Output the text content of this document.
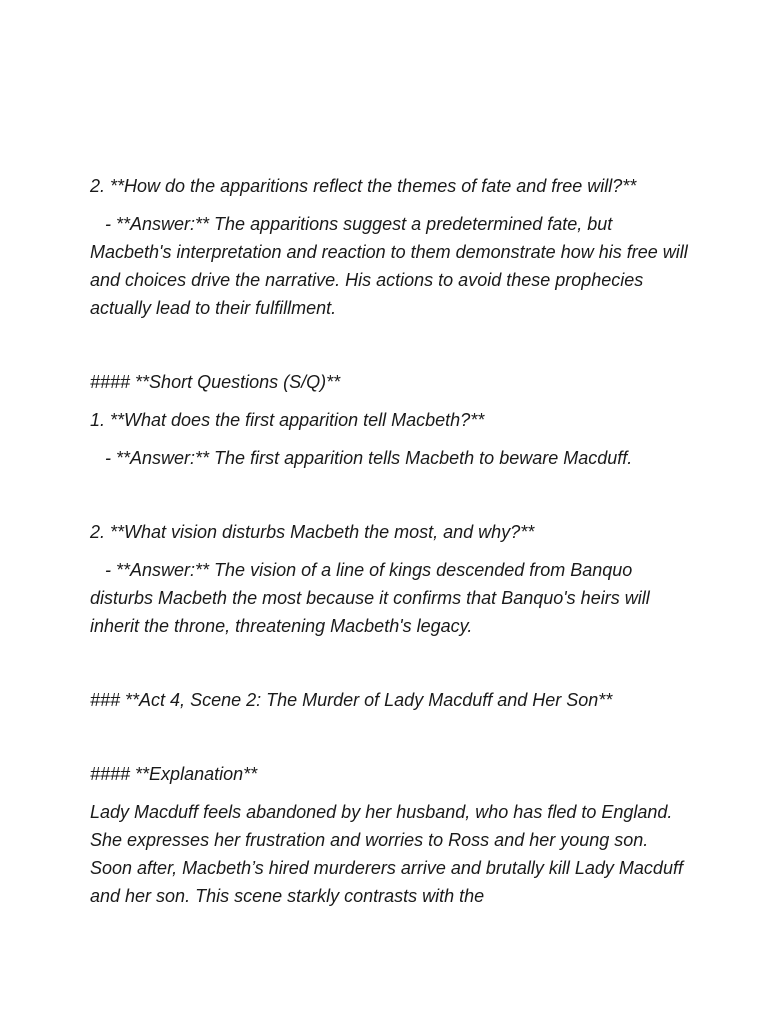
2. **How do the apparitions reflect the themes of fate and free will?**

- **Answer:** The apparitions suggest a predetermined fate, but Macbeth's interpretation and reaction to them demonstrate how his free will and choices drive the narrative. His actions to avoid these prophecies actually lead to their fulfillment.

#### **Short Questions (S/Q)**

1. **What does the first apparition tell Macbeth?**

- **Answer:** The first apparition tells Macbeth to beware Macduff.

2. **What vision disturbs Macbeth the most, and why?**

- **Answer:** The vision of a line of kings descended from Banquo disturbs Macbeth the most because it confirms that Banquo's heirs will inherit the throne, threatening Macbeth's legacy.

### **Act 4, Scene 2: The Murder of Lady Macduff and Her Son**

#### **Explanation**

Lady Macduff feels abandoned by her husband, who has fled to England. She expresses her frustration and worries to Ross and her young son. Soon after, Macbeth’s hired murderers arrive and brutally kill Lady Macduff and her son. This scene starkly contrasts with the
